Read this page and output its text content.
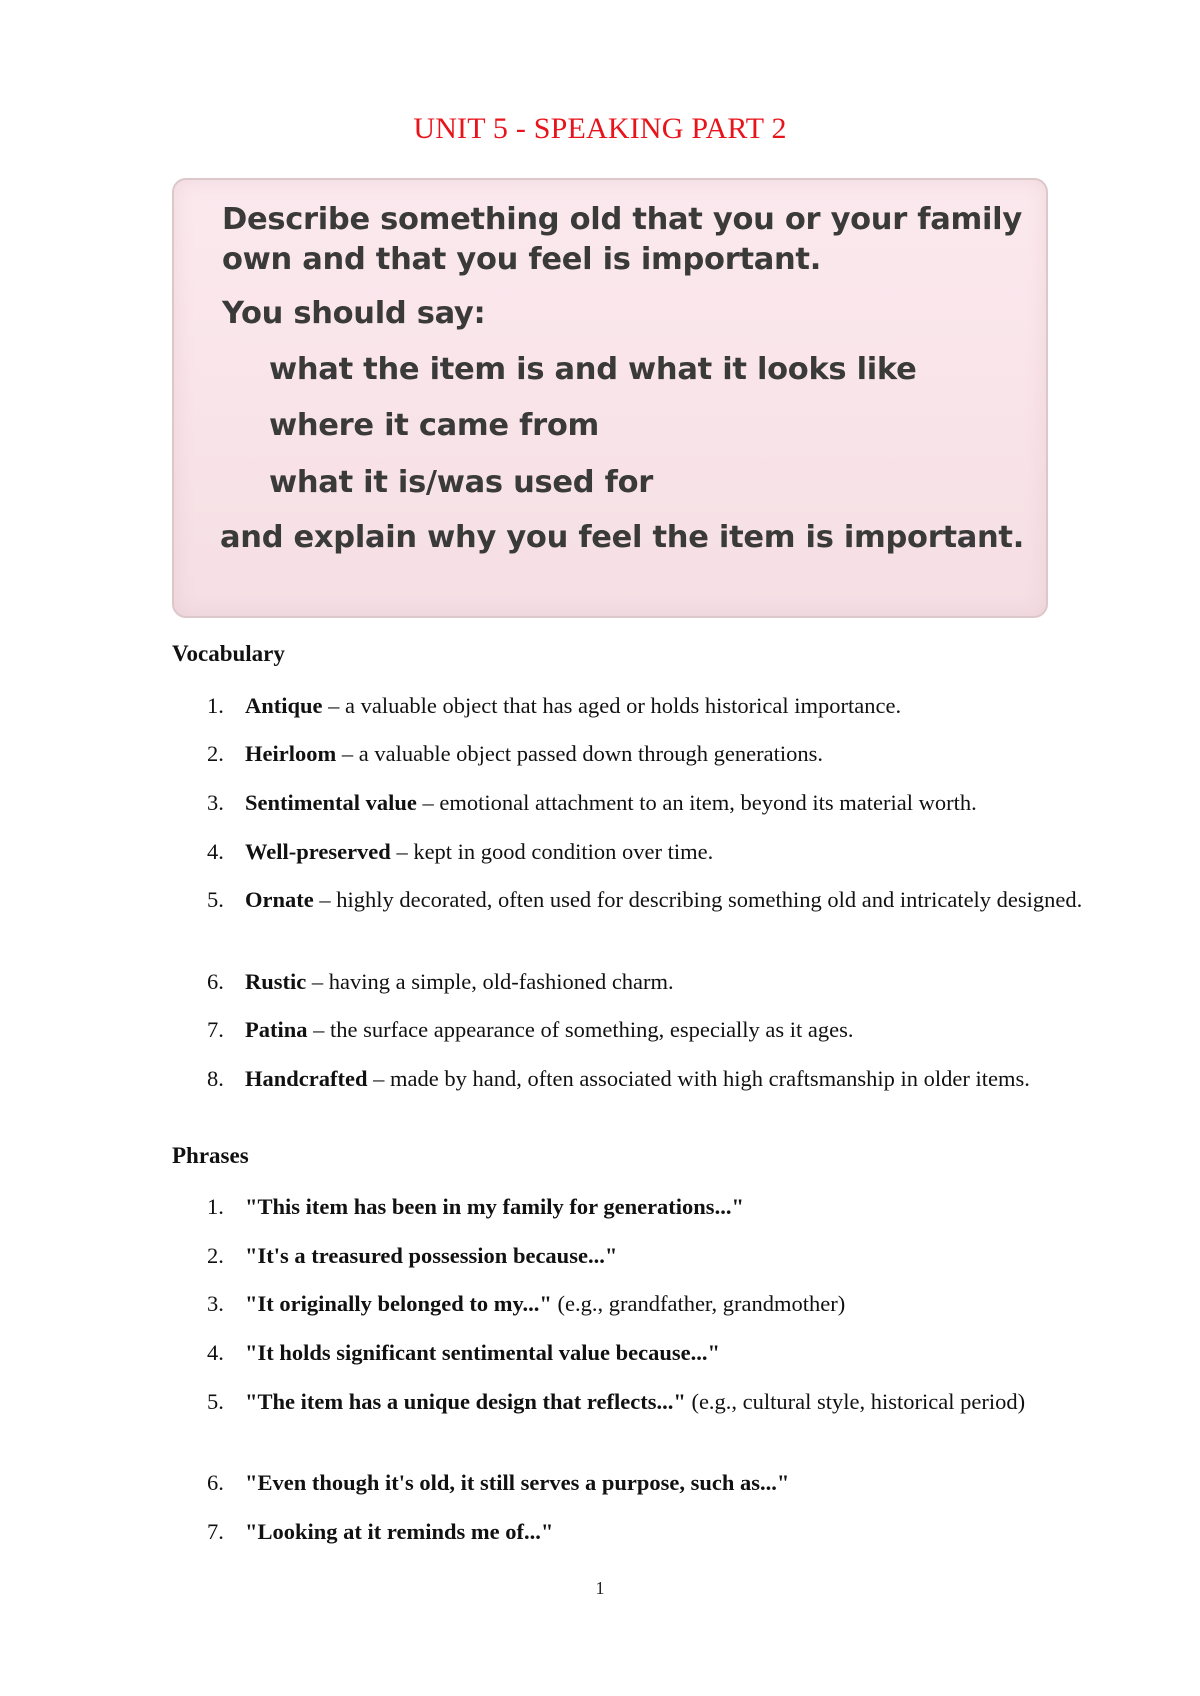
UNIT 5 - SPEAKING PART 2
Describe something old that you or your family
own and that you feel is important.
You should say:
what the item is and what it looks like
where it came from
what it is/was used for
and explain why you feel the item is important.
Vocabulary
1. Antique – a valuable object that has aged or holds historical importance.
2. Heirloom – a valuable object passed down through generations.
3. Sentimental value – emotional attachment to an item, beyond its material worth.
4. Well-preserved – kept in good condition over time.
5. Ornate – highly decorated, often used for describing something old and intricately designed.
6. Rustic – having a simple, old-fashioned charm.
7. Patina – the surface appearance of something, especially as it ages.
8. Handcrafted – made by hand, often associated with high craftsmanship in older items.
Phrases
1. "This item has been in my family for generations..."
2. "It's a treasured possession because..."
3. "It originally belonged to my..." (e.g., grandfather, grandmother)
4. "It holds significant sentimental value because..."
5. "The item has a unique design that reflects..." (e.g., cultural style, historical period)
6. "Even though it's old, it still serves a purpose, such as..."
7. "Looking at it reminds me of..."
1
